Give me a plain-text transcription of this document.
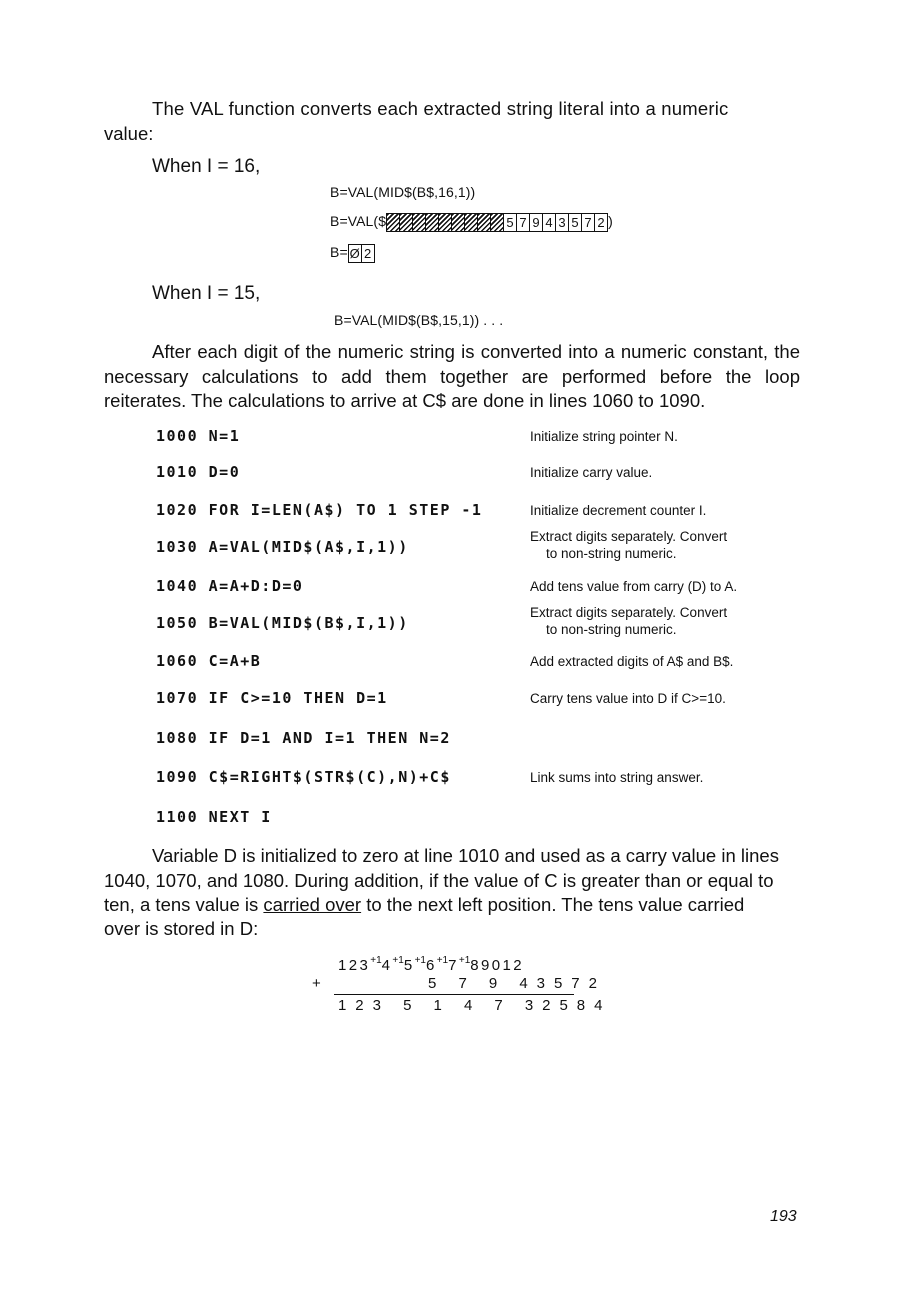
The VAL function converts each extracted string literal into a numeric
value:
When I = 16,
B=VAL(MID$(B$,16,1))
B=VAL($	5 7 9 4 3 5 7 2 )
B= Ø 2
When I = 15,
B=VAL(MID$(B$,15,1)) . . .
After each digit of the numeric string is converted into a numeric constant, the necessary calculations to add them together are performed before the loop reiterates. The calculations to arrive at C$ are done in lines 1060 to 1090.
1000 N=1	Initialize string pointer N.
1010 D=0	Initialize carry value.
1020 FOR I=LEN(A$) TO 1 STEP -1	Initialize decrement counter I.
1030 A=VAL(MID$(A$,I,1))
Extract digits separately. Convert
to non-string numeric.
1040 A=A+D:D=0	Add tens value from carry (D) to A.
1050 B=VAL(MID$(B$,I,1))
Extract digits separately. Convert
to non-string numeric.
1060 C=A+B	Add extracted digits of A$ and B$.
1070 IF C>=10 THEN D=1	Carry tens value into D if C>=10.
1080 IF D=1 AND I=1 THEN N=2
1090 C$=RIGHT$(STR$(C),N)+C$	Link sums into string answer.
1100 NEXT I
Variable D is initialized to zero at line 1010 and used as a carry value in lines
1040, 1070, and 1080. During addition, if the value of C is greater than or equal to
ten, a tens value is carried over to the next left position. The tens value carried
over is stored in D:
$123^{+1}4^{+1}5^{+1}6^{+1}7^{+1}89012$
+	5   7   9   4 3 5 7 2
1 2 3   5   1   4   7   3 2 5 8 4
193
